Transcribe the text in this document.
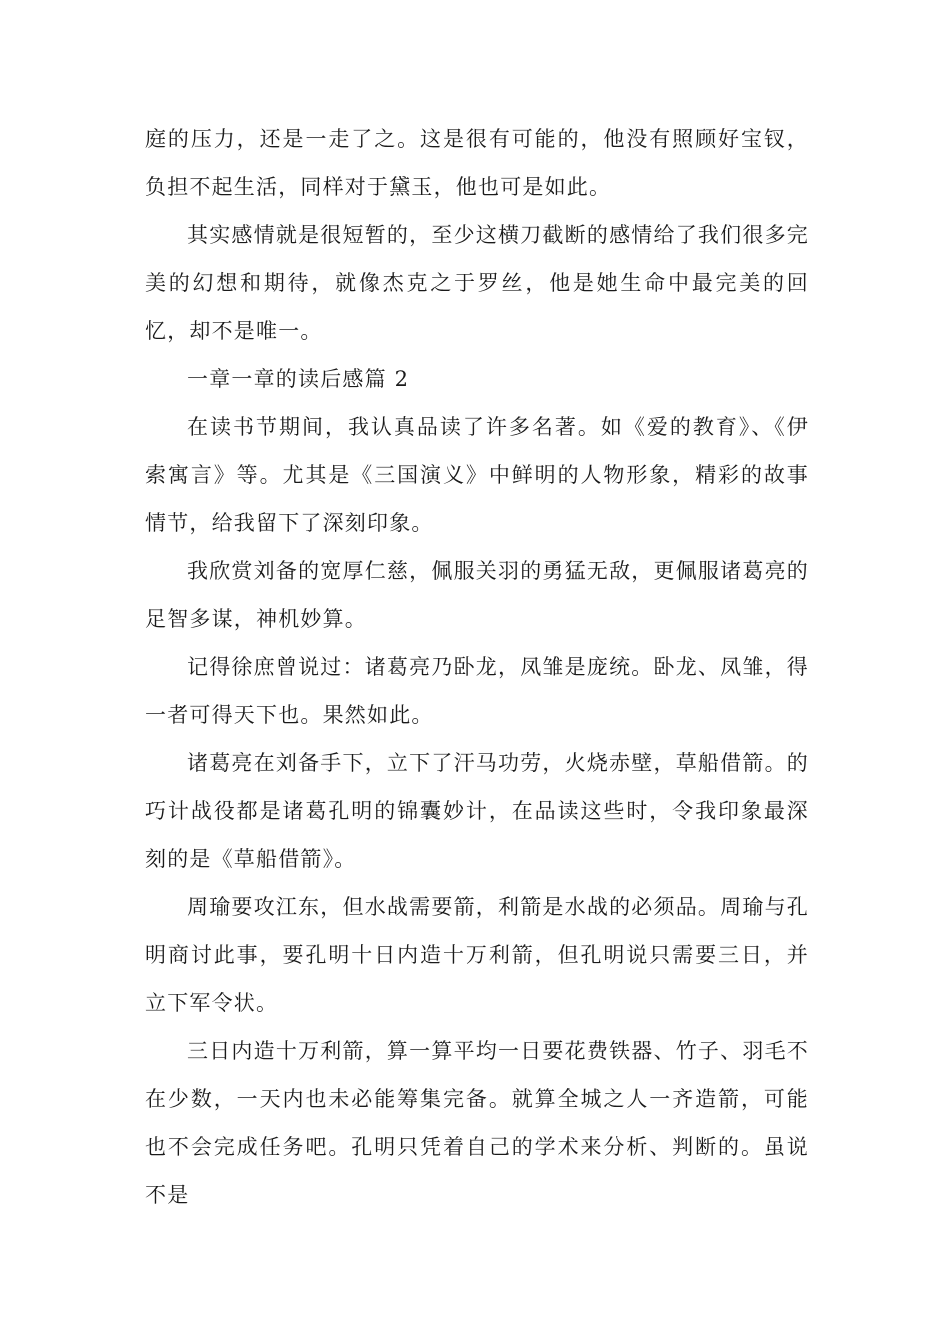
庭的压力，还是一走了之。这是很有可能的，他没有照顾好宝钗，负担不起生活，同样对于黛玉，他也可是如此。

其实感情就是很短暂的，至少这横刀截断的感情给了我们很多完美的幻想和期待，就像杰克之于罗丝，他是她生命中最完美的回忆，却不是唯一。

一章一章的读后感篇 2

在读书节期间，我认真品读了许多名著。如《爱的教育》、《伊索寓言》等。尤其是《三国演义》中鲜明的人物形象，精彩的故事情节，给我留下了深刻印象。

我欣赏刘备的宽厚仁慈，佩服关羽的勇猛无敌，更佩服诸葛亮的足智多谋，神机妙算。

记得徐庶曾说过：诸葛亮乃卧龙，凤雏是庞统。卧龙、凤雏，得一者可得天下也。果然如此。

诸葛亮在刘备手下，立下了汗马功劳，火烧赤壁，草船借箭。的巧计战役都是诸葛孔明的锦囊妙计，在品读这些时，令我印象最深刻的是《草船借箭》。

周瑜要攻江东，但水战需要箭，利箭是水战的必须品。周瑜与孔明商讨此事，要孔明十日内造十万利箭，但孔明说只需要三日，并立下军令状。

三日内造十万利箭，算一算平均一日要花费铁器、竹子、羽毛不在少数，一天内也未必能筹集完备。就算全城之人一齐造箭，可能也不会完成任务吧。孔明只凭着自己的学术来分析、判断的。虽说不是
